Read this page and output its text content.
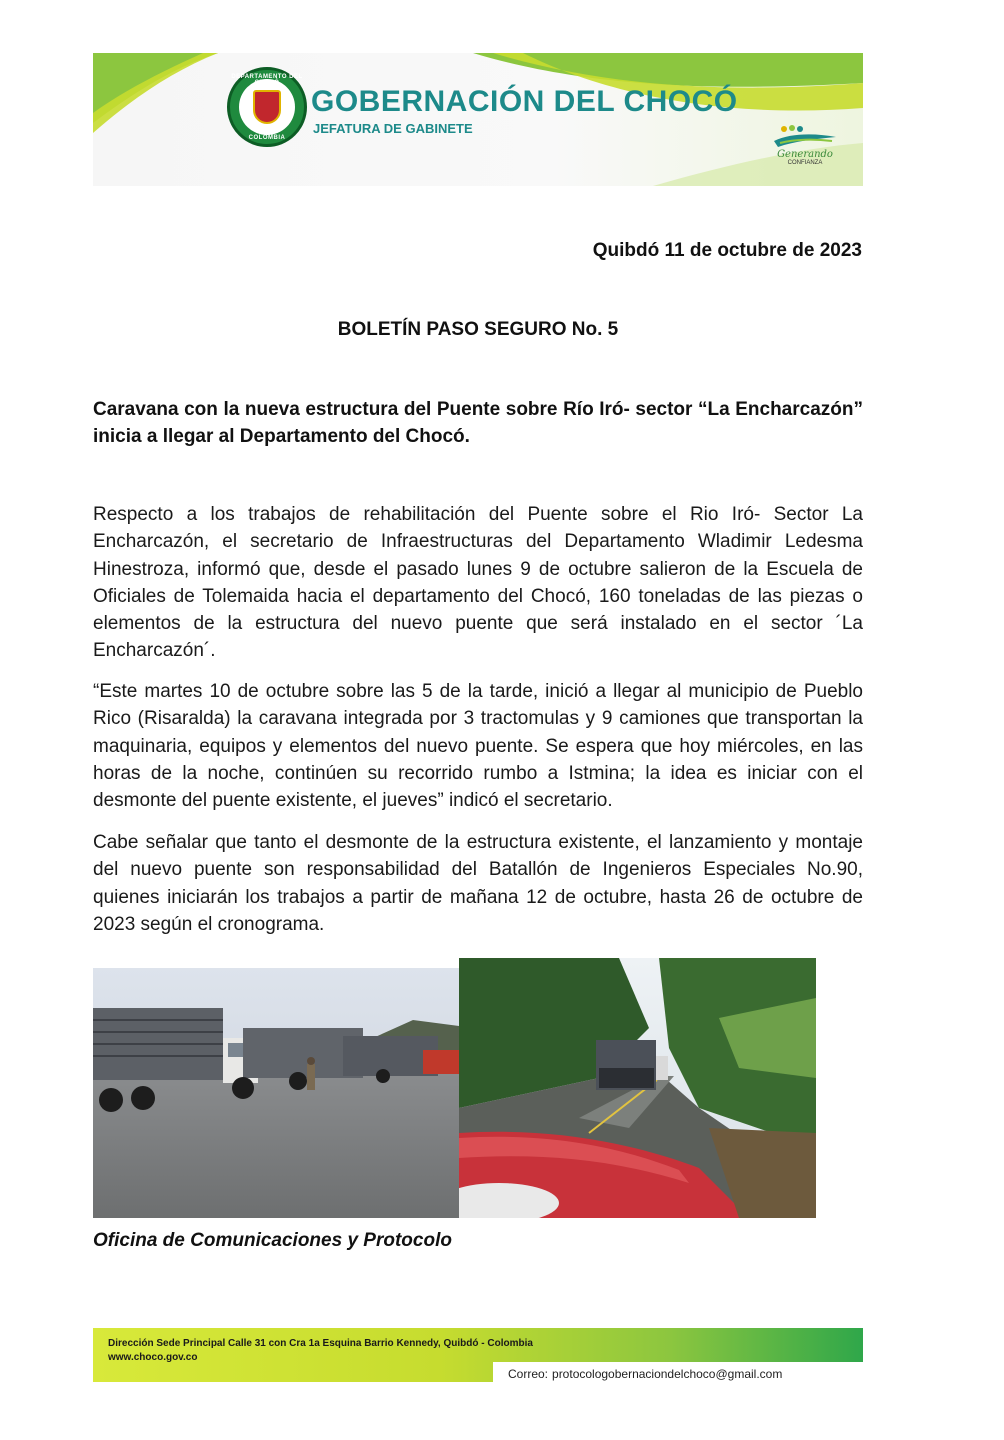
DEPARTAMENTO DEL CHOCÓ
COLOMBIA
GOBERNACIÓN DEL CHOCÓ
JEFATURA DE GABINETE
Generando
CONFIANZA
Quibdó 11 de octubre de 2023
BOLETÍN PASO SEGURO No. 5
Caravana con la nueva estructura del Puente sobre Río Iró- sector “La Encharcazón” inicia a llegar al Departamento del Chocó.

Respecto a los trabajos de rehabilitación del Puente sobre el Rio Iró- Sector La Encharcazón, el secretario de Infraestructuras del Departamento Wladimir Ledesma Hinestroza, informó que, desde el pasado lunes 9 de octubre salieron de la Escuela de Oficiales de Tolemaida hacia el departamento del Chocó, 160 toneladas de las piezas o elementos de la estructura del nuevo puente que será instalado en el sector ´La Encharcazón´.

“Este martes 10 de octubre sobre las 5 de la tarde, inició a llegar al municipio de Pueblo Rico (Risaralda) la caravana integrada por 3 tractomulas y 9 camiones que transportan la maquinaria, equipos y elementos del nuevo puente. Se espera que hoy miércoles, en las horas de la noche, continúen su recorrido rumbo a Istmina; la idea es iniciar con el desmonte del puente existente, el jueves” indicó el secretario.

Cabe señalar que tanto el desmonte de la estructura existente, el lanzamiento y montaje del nuevo puente son responsabilidad del Batallón de Ingenieros Especiales No.90, quienes iniciarán los trabajos a partir de mañana 12 de octubre, hasta 26 de octubre de 2023 según el cronograma.

Oficina de Comunicaciones y Protocolo
Dirección Sede Principal Calle 31 con Cra 1a Esquina Barrio Kennedy, Quibdó - Colombia
www.choco.gov.co
Correo: protocologobernaciondelchoco@gmail.com
